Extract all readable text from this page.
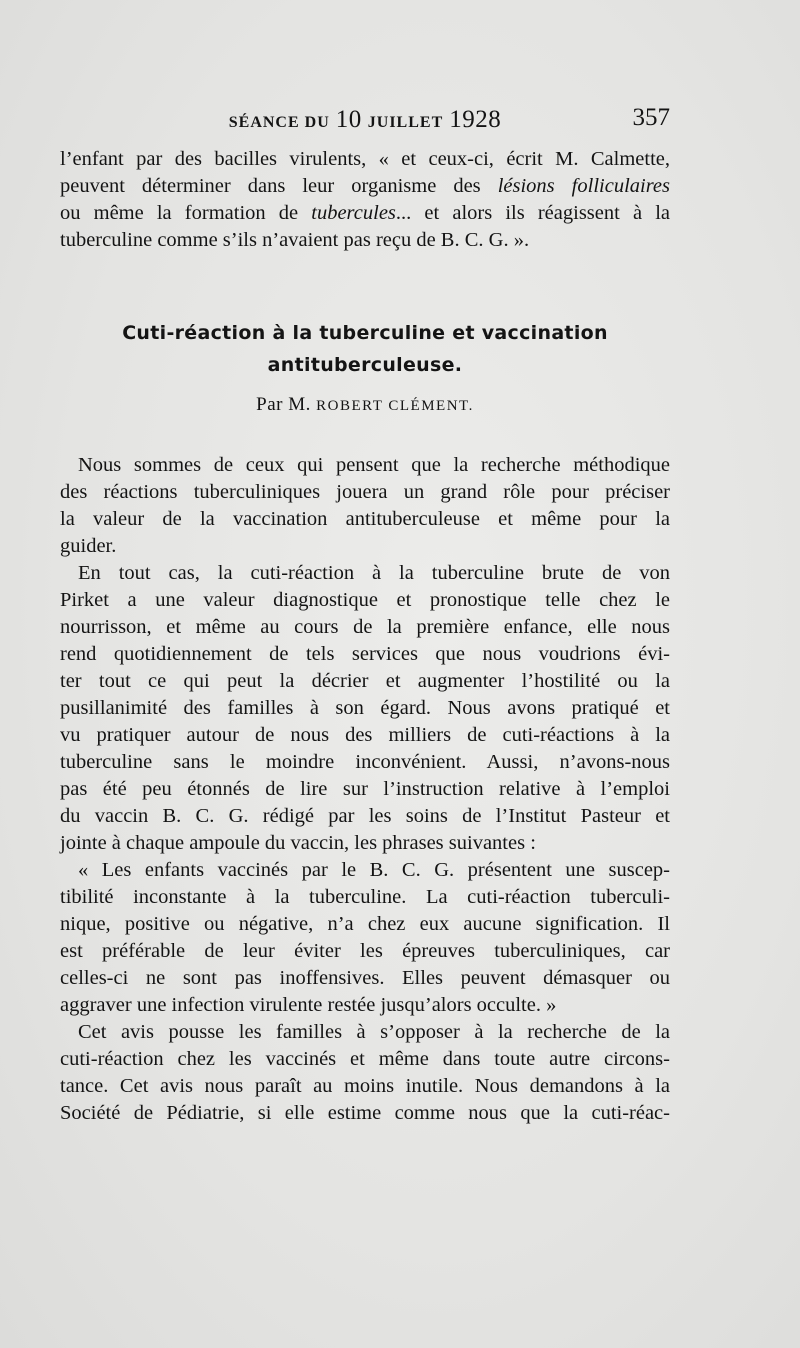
SÉANCE DU 10 JUILLET 1928	357
l’enfant par des bacilles virulents, « et ceux-ci, écrit M. Calmette,
peuvent déterminer dans leur organisme des lésions folliculaires
ou même la formation de tubercules... et alors ils réagissent à la
tuberculine comme s’ils n’avaient pas reçu de B. C. G. ».
Cuti-réaction à la tuberculine et vaccination
antituberculeuse.
Par M. ROBERT CLÉMENT.
Nous sommes de ceux qui pensent que la recherche méthodique
des réactions tuberculiniques jouera un grand rôle pour préciser
la valeur de la vaccination antituberculeuse et même pour la
guider.
En tout cas, la cuti-réaction à la tuberculine brute de von
Pirket a une valeur diagnostique et pronostique telle chez le
nourrisson, et même au cours de la première enfance, elle nous
rend quotidiennement de tels services que nous voudrions évi-
ter tout ce qui peut la décrier et augmenter l’hostilité ou la
pusillanimité des familles à son égard. Nous avons pratiqué et
vu pratiquer autour de nous des milliers de cuti-réactions à la
tuberculine sans le moindre inconvénient. Aussi, n’avons-nous
pas été peu étonnés de lire sur l’instruction relative à l’emploi
du vaccin B. C. G. rédigé par les soins de l’Institut Pasteur et
jointe à chaque ampoule du vaccin, les phrases suivantes :
« Les enfants vaccinés par le B. C. G. présentent une suscep-
tibilité inconstante à la tuberculine. La cuti-réaction tuberculi-
nique, positive ou négative, n’a chez eux aucune signification. Il
est préférable de leur éviter les épreuves tuberculiniques, car
celles-ci ne sont pas inoffensives. Elles peuvent démasquer ou
aggraver une infection virulente restée jusqu’alors occulte. »
Cet avis pousse les familles à s’opposer à la recherche de la
cuti-réaction chez les vaccinés et même dans toute autre circons-
tance. Cet avis nous paraît au moins inutile. Nous demandons à la
Société de Pédiatrie, si elle estime comme nous que la cuti-réac-
